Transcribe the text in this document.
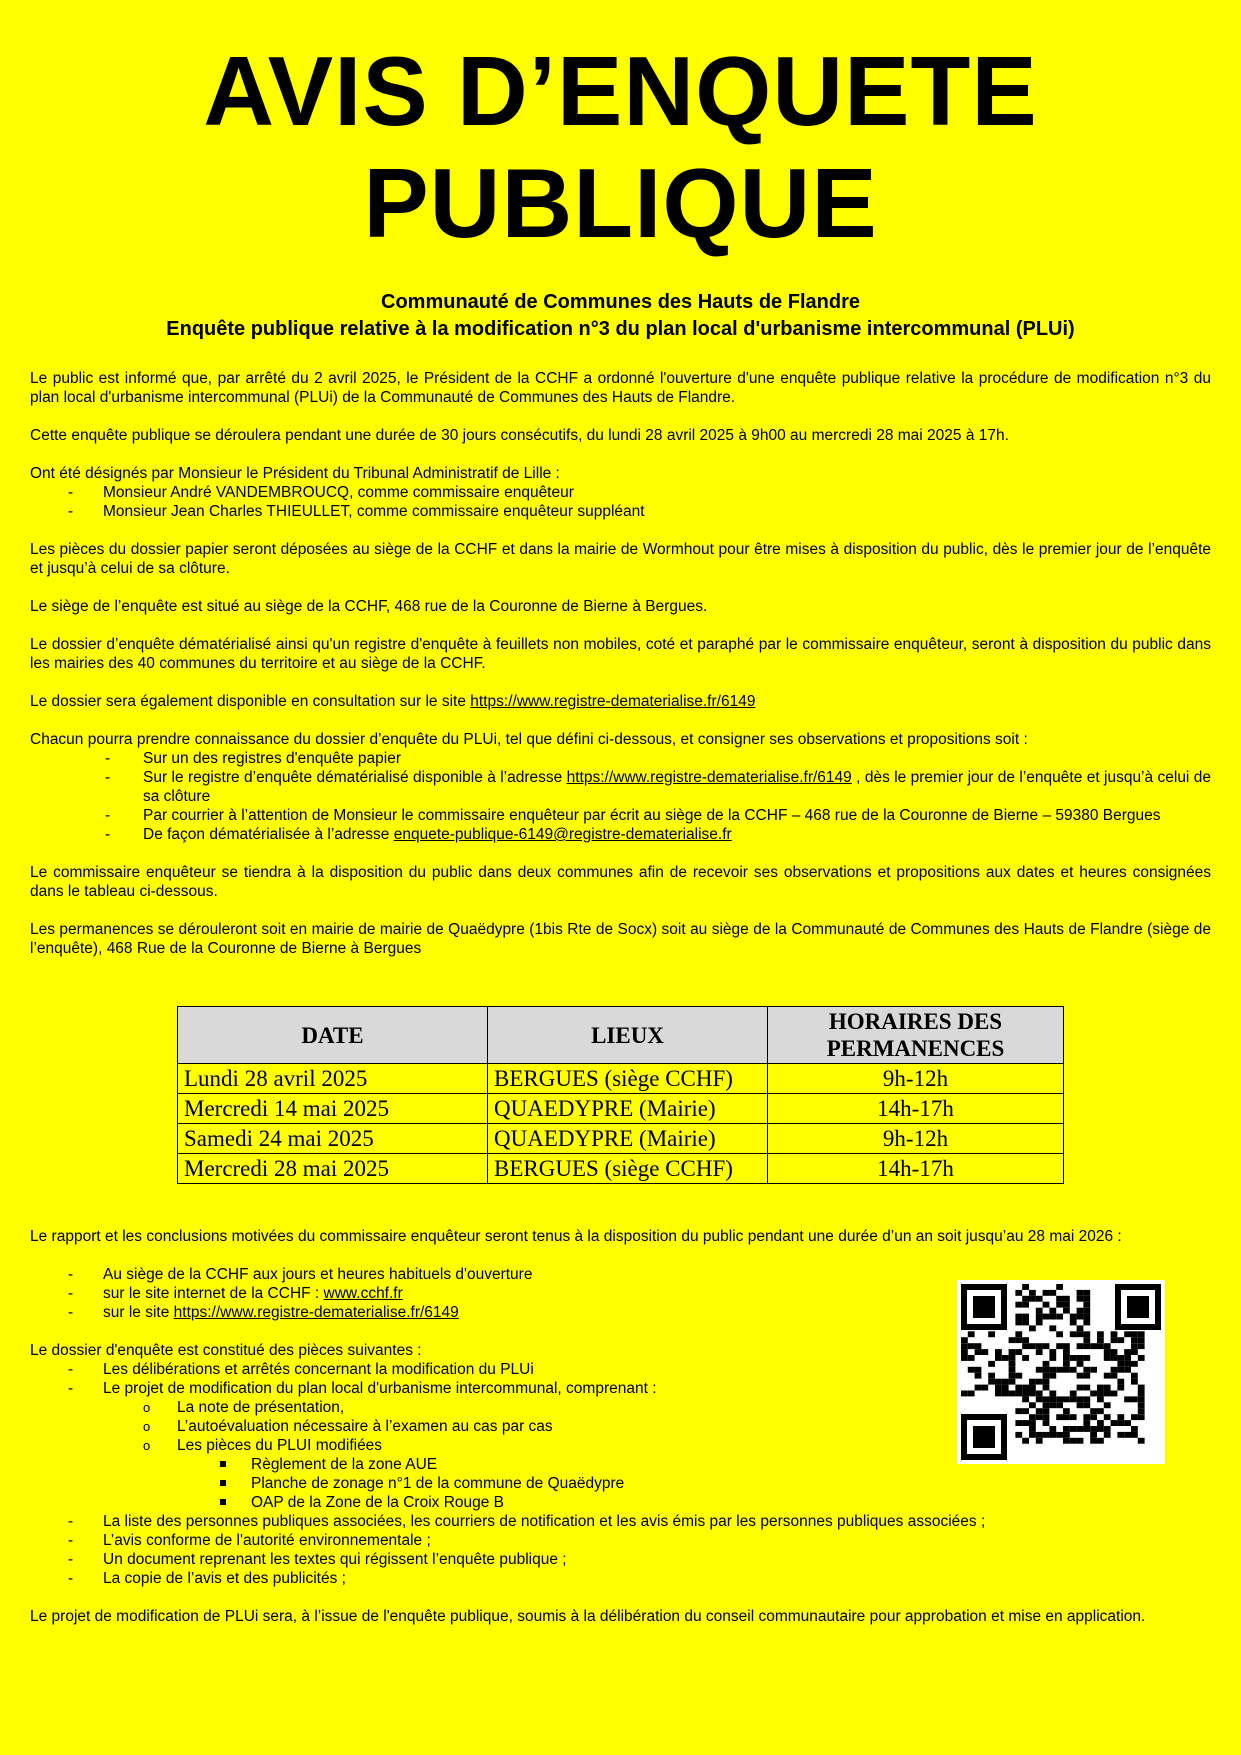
AVIS D’ENQUETE
PUBLIQUE
Communauté de Communes des Hauts de Flandre
Enquête publique relative à la modification n°3 du plan local d'urbanisme intercommunal (PLUi)

Le public est informé que, par arrêté du 2 avril 2025, le Président de la CCHF a ordonné l'ouverture d'une enquête publique relative la procédure de modification n°3 du plan local d'urbanisme intercommunal (PLUi) de la Communauté de Communes des Hauts de Flandre.

Cette enquête publique se déroulera pendant une durée de 30 jours consécutifs, du lundi 28 avril 2025 à 9h00 au mercredi 28 mai 2025 à 17h.

Ont été désignés par Monsieur le Président du Tribunal Administratif de Lille :

- Monsieur André VANDEMBROUCQ, comme commissaire enquêteur
- Monsieur Jean Charles THIEULLET, comme commissaire enquêteur suppléant

Les pièces du dossier papier seront déposées au siège de la CCHF et dans la mairie de Wormhout pour être mises à disposition du public, dès le premier jour de l’enquête et jusqu’à celui de sa clôture.

Le siège de l’enquête est situé au siège de la CCHF, 468 rue de la Couronne de Bierne à Bergues.

Le dossier d’enquête dématérialisé ainsi qu'un registre d'enquête à feuillets non mobiles, coté et paraphé par le commissaire enquêteur, seront à disposition du public dans les mairies des 40 communes du territoire et au siège de la CCHF.

Le dossier sera également disponible en consultation sur le site https://www.registre-dematerialise.fr/6149

Chacun pourra prendre connaissance du dossier d’enquête du PLUi, tel que défini ci-dessous, et consigner ses observations et propositions soit :

- Sur un des registres d'enquête papier
- Sur le registre d’enquête dématérialisé disponible à l’adresse https://www.registre-dematerialise.fr/6149 , dès le premier jour de l’enquête et jusqu’à celui de sa clôture
- Par courrier à l’attention de Monsieur le commissaire enquêteur par écrit au siège de la CCHF – 468 rue de la Couronne de Bierne – 59380 Bergues
- De façon dématérialisée à l’adresse enquete-publique-6149@registre-dematerialise.fr

Le commissaire enquêteur se tiendra à la disposition du public dans deux communes afin de recevoir ses observations et propositions aux dates et heures consignées dans le tableau ci-dessous.

Les permanences se dérouleront soit en mairie de mairie de Quaëdypre (1bis Rte de Socx) soit au siège de la Communauté de Communes des Hauts de Flandre (siège de l’enquête), 468 Rue de la Couronne de Bierne à Bergues

DATE	LIEUX	HORAIRES DES PERMANENCES
Lundi 28 avril 2025	BERGUES (siège CCHF)	9h-12h
Mercredi 14 mai 2025	QUAEDYPRE (Mairie)	14h-17h
Samedi 24 mai 2025	QUAEDYPRE (Mairie)	9h-12h
Mercredi 28 mai 2025	BERGUES (siège CCHF)	14h-17h

Le rapport et les conclusions motivées du commissaire enquêteur seront tenus à la disposition du public pendant une durée d’un an soit jusqu’au 28 mai 2026 :

- Au siège de la CCHF aux jours et heures habituels d'ouverture
- sur le site internet de la CCHF : www.cchf.fr
- sur le site https://www.registre-dematerialise.fr/6149

Le dossier d'enquête est constitué des pièces suivantes :

- Les délibérations et arrêtés concernant la modification du PLUi
- Le projet de modification du plan local d'urbanisme intercommunal, comprenant :
o La note de présentation,
o L’autoévaluation nécessaire à l’examen au cas par cas
o Les pièces du PLUI modifiées
Règlement de la zone AUE
Planche de zonage n°1 de la commune de Quaëdypre
OAP de la Zone de la Croix Rouge B
- La liste des personnes publiques associées, les courriers de notification et les avis émis par les personnes publiques associées ;
- L’avis conforme de l'autorité environnementale ;
- Un document reprenant les textes qui régissent l’enquête publique ;
- La copie de l’avis et des publicités ;

Le projet de modification de PLUi sera, à l’issue de l'enquête publique, soumis à la délibération du conseil communautaire pour approbation et mise en application.
